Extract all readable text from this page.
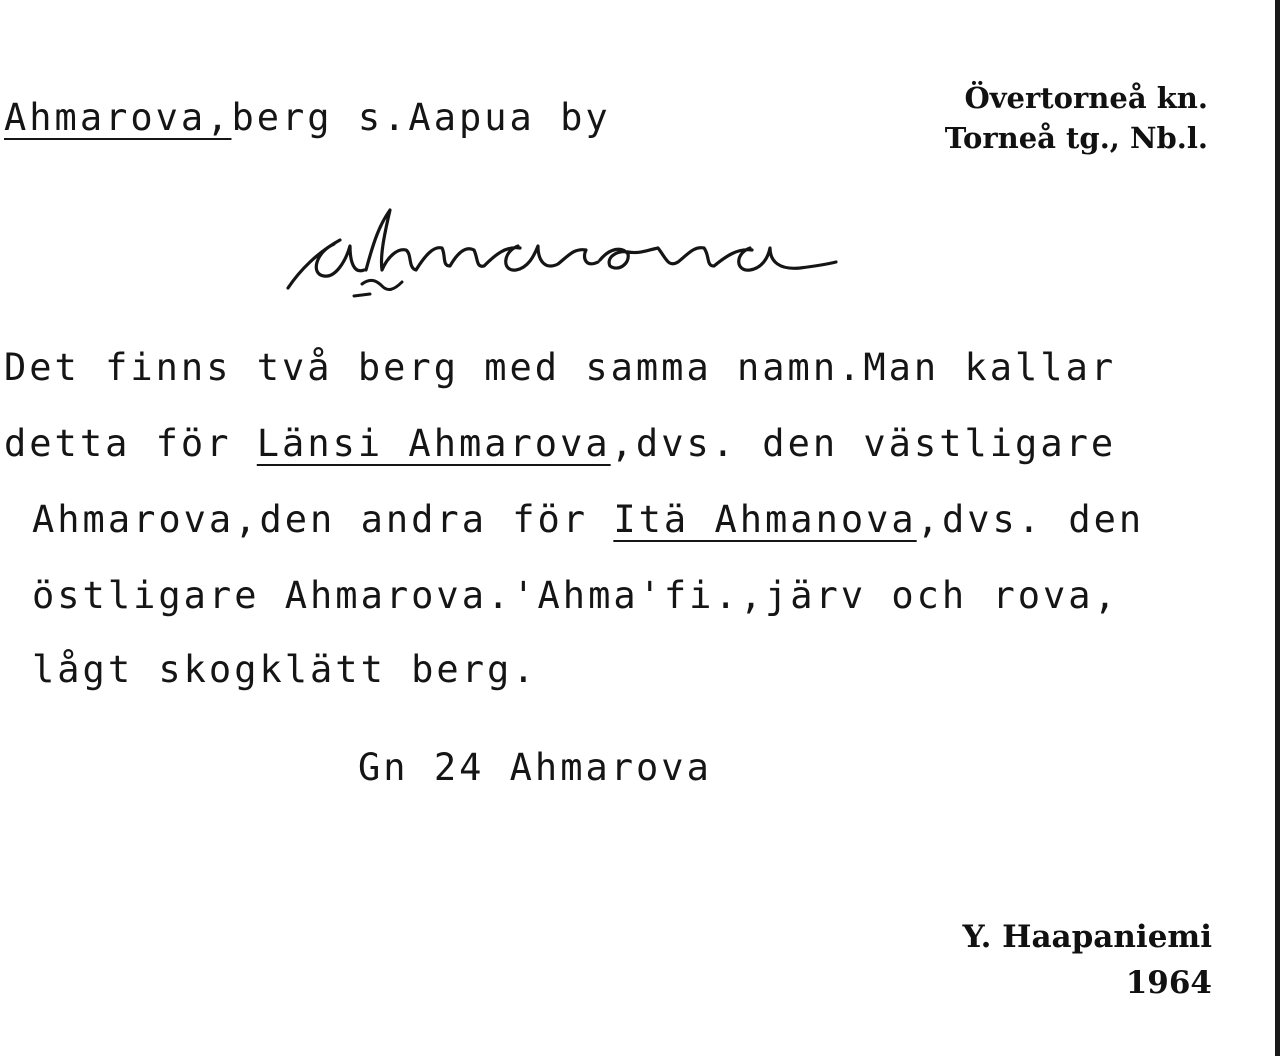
Ahmarova,berg s.Aapua by	Övertorneå kn.
Torneå tg., Nb.l.
Det finns två berg med samma namn.Man kallar
detta för Länsi Ahmarova,dvs. den västligare
Ahmarova,den andra för Itä Ahmanova,dvs. den
östligare Ahmarova.'Ahma'fi.,järv och rova,
lågt skogklätt berg.
Gn 24 Ahmarova
Y. Haapaniemi
1964
